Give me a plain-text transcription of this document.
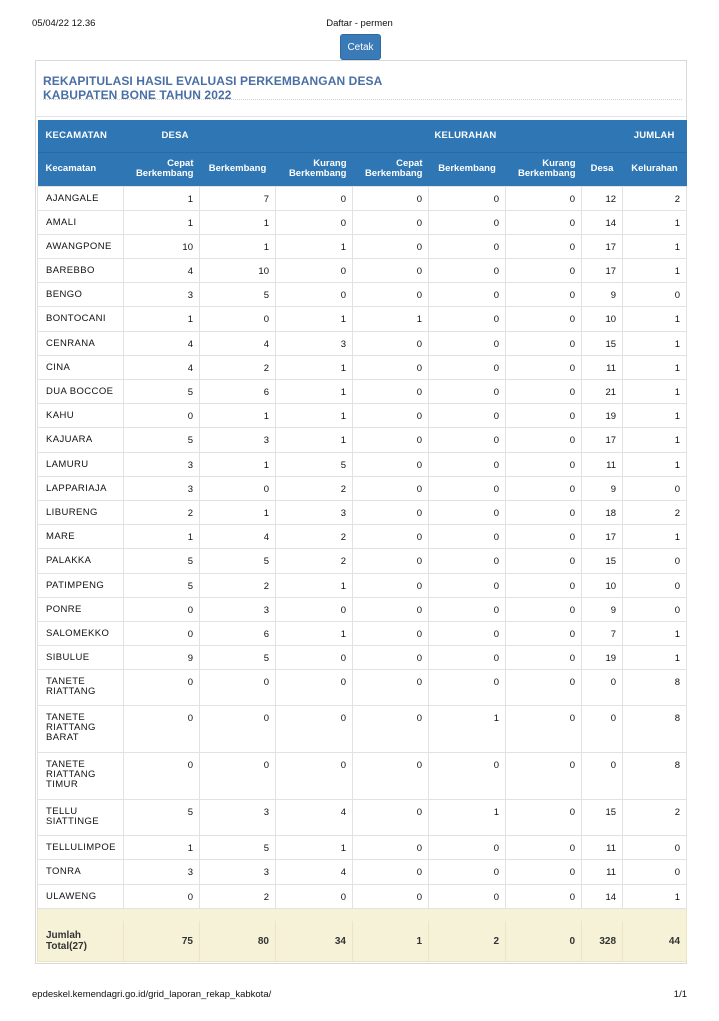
05/04/22 12.36	Daftar - permen
Cetak
REKAPITULASI HASIL EVALUASI PERKEMBANGAN DESA
KABUPATEN BONE TAHUN 2022
KECAMATAN	DESA			KELURAHAN			JUMLAH	
Kecamatan	Cepat Berkembang	Berkembang	Kurang Berkembang	Cepat Berkembang	Berkembang	Kurang Berkembang	Desa	Kelurahan
AJANGALE	1	7	0	0	0	0	12	2
AMALI	1	1	0	0	0	0	14	1
AWANGPONE	10	1	1	0	0	0	17	1
BAREBBO	4	10	0	0	0	0	17	1
BENGO	3	5	0	0	0	0	9	0
BONTOCANI	1	0	1	1	0	0	10	1
CENRANA	4	4	3	0	0	0	15	1
CINA	4	2	1	0	0	0	11	1
DUA BOCCOE	5	6	1	0	0	0	21	1
KAHU	0	1	1	0	0	0	19	1
KAJUARA	5	3	1	0	0	0	17	1
LAMURU	3	1	5	0	0	0	11	1
LAPPARIAJA	3	0	2	0	0	0	9	0
LIBURENG	2	1	3	0	0	0	18	2
MARE	1	4	2	0	0	0	17	1
PALAKKA	5	5	2	0	0	0	15	0
PATIMPENG	5	2	1	0	0	0	10	0
PONRE	0	3	0	0	0	0	9	0
SALOMEKKO	0	6	1	0	0	0	7	1
SIBULUE	9	5	0	0	0	0	19	1
TANETE RIATTANG	0	0	0	0	0	0	0	8
TANETE RIATTANG BARAT	0	0	0	0	1	0	0	8
TANETE RIATTANG TIMUR	0	0	0	0	0	0	0	8
TELLU SIATTINGE	5	3	4	0	1	0	15	2
TELLULIMPOE	1	5	1	0	0	0	11	0
TONRA	3	3	4	0	0	0	11	0
ULAWENG	0	2	0	0	0	0	14	1

Jumlah Total(27)	75	80	34	1	2	0	328	44
epdeskel.kemendagri.go.id/grid_laporan_rekap_kabkota/	1/1
